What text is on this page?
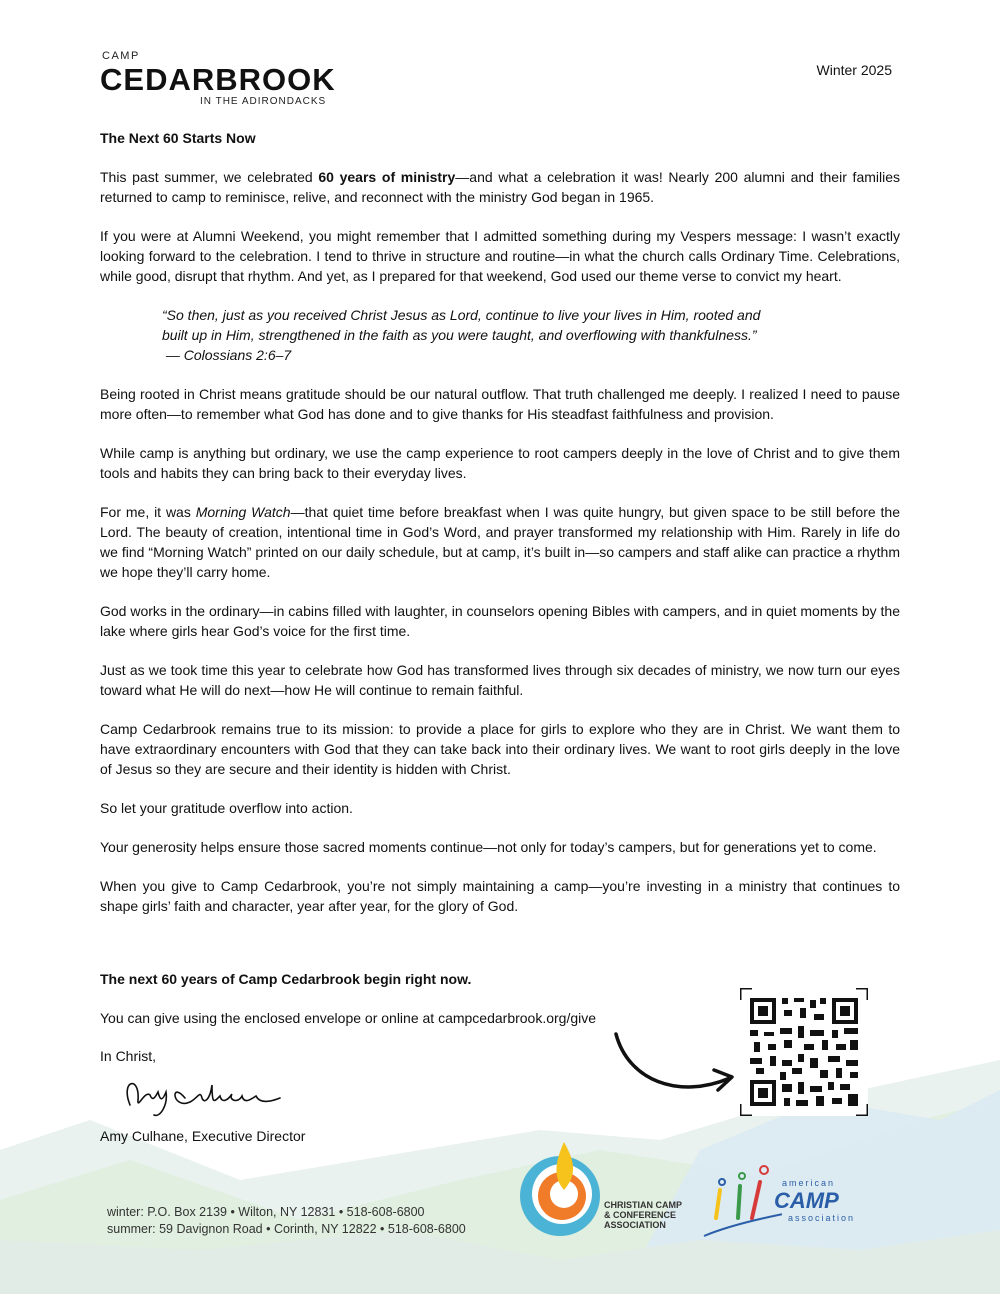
CAMP
CEDARBROOK
IN THE ADIRONDACKS
Winter 2025
The Next 60 Starts Now

This past summer, we celebrated 60 years of ministry—and what a celebration it was! Nearly 200 alumni and their families returned to camp to reminisce, relive, and reconnect with the ministry God began in 1965.

If you were at Alumni Weekend, you might remember that I admitted something during my Vespers message: I wasn’t exactly looking forward to the celebration. I tend to thrive in structure and routine—in what the church calls Ordinary Time. Celebrations, while good, disrupt that rhythm. And yet, as I prepared for that weekend, God used our theme verse to convict my heart.

“So then, just as you received Christ Jesus as Lord, continue to live your lives in Him, rooted and
built up in Him, strengthened in the faith as you were taught, and overflowing with thankfulness.”
— Colossians 2:6–7

Being rooted in Christ means gratitude should be our natural outflow. That truth challenged me deeply. I realized I need to pause more often—to remember what God has done and to give thanks for His steadfast faithfulness and provision.

While camp is anything but ordinary, we use the camp experience to root campers deeply in the love of Christ and to give them tools and habits they can bring back to their everyday lives.

For me, it was Morning Watch—that quiet time before breakfast when I was quite hungry, but given space to be still before the Lord. The beauty of creation, intentional time in God’s Word, and prayer transformed my relationship with Him. Rarely in life do we find “Morning Watch” printed on our daily schedule, but at camp, it’s built in—so campers and staff alike can practice a rhythm we hope they’ll carry home.

God works in the ordinary—in cabins filled with laughter, in counselors opening Bibles with campers, and in quiet moments by the lake where girls hear God’s voice for the first time.

Just as we took time this year to celebrate how God has transformed lives through six decades of ministry, we now turn our eyes toward what He will do next—how He will continue to remain faithful.

Camp Cedarbrook remains true to its mission: to provide a place for girls to explore who they are in Christ. We want them to have extraordinary encounters with God that they can take back into their ordinary lives. We want to root girls deeply in the love of Jesus so they are secure and their identity is hidden with Christ.

So let your gratitude overflow into action.

Your generosity helps ensure those sacred moments continue—not only for today’s campers, but for generations yet to come.

When you give to Camp Cedarbrook, you’re not simply maintaining a camp—you’re investing in a ministry that continues to shape girls’ faith and character, year after year, for the glory of God.

The next 60 years of Camp Cedarbrook begin right now.
You can give using the enclosed envelope or online at campcedarbrook.org/give
In Christ,
Amy Culhane, Executive Director
winter: P.O. Box 2139 • Wilton, NY 12831 • 518-608-6800
summer: 59 Davignon Road • Corinth, NY 12822 • 518-608-6800
CHRISTIAN CAMP
& CONFERENCE
ASSOCIATION
american
CAMP
association
